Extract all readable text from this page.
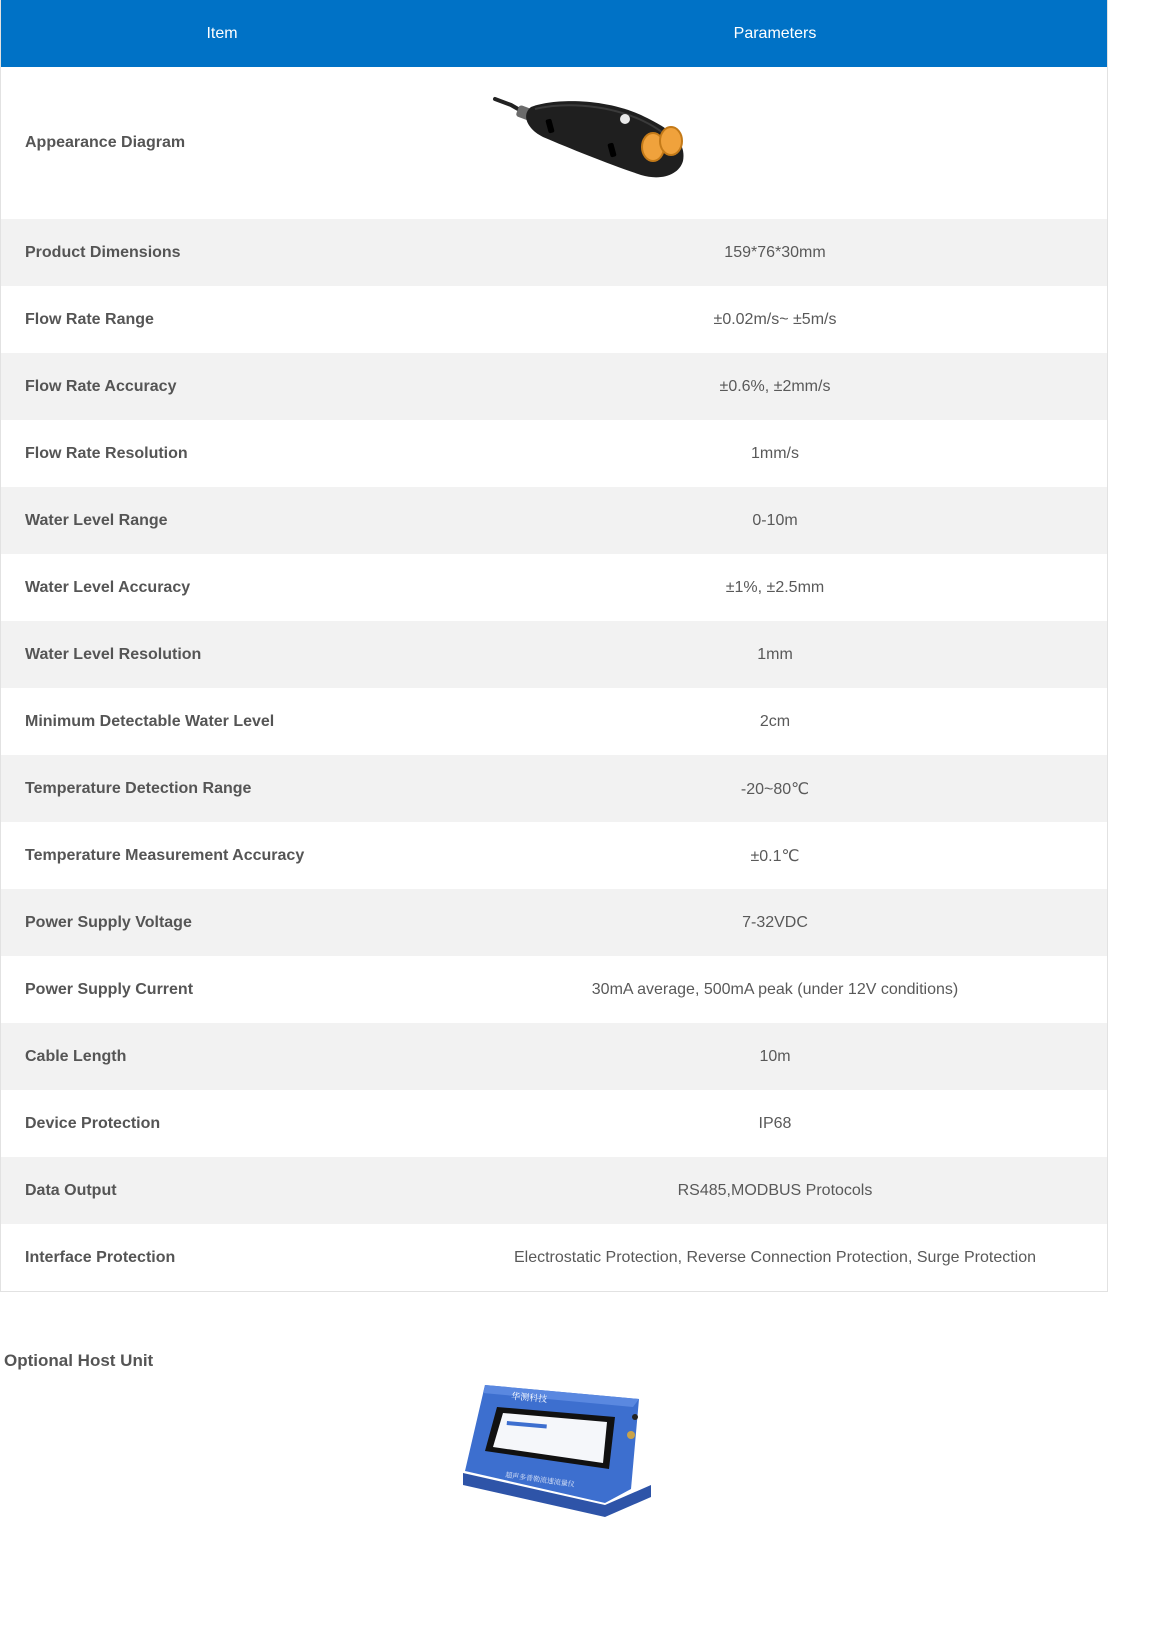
Item	Parameters
Appearance Diagram
Product Dimensions	159*76*30mm
Flow Rate Range	±0.02m/s~ ±5m/s
Flow Rate Accuracy	±0.6%, ±2mm/s
Flow Rate Resolution	1mm/s
Water Level Range	0-10m
Water Level Accuracy	±1%, ±2.5mm
Water Level Resolution	1mm
Minimum Detectable Water Level	2cm
Temperature Detection Range	-20~80℃
Temperature Measurement Accuracy	±0.1℃
Power Supply Voltage	7-32VDC
Power Supply Current	30mA average, 500mA peak (under 12V conditions)
Cable Length	10m
Device Protection	IP68
Data Output	RS485,MODBUS Protocols
Interface Protection	Electrostatic Protection, Reverse Connection Protection, Surge Protection
Optional Host Unit
华测科技
超声多普勒流速流量仪
